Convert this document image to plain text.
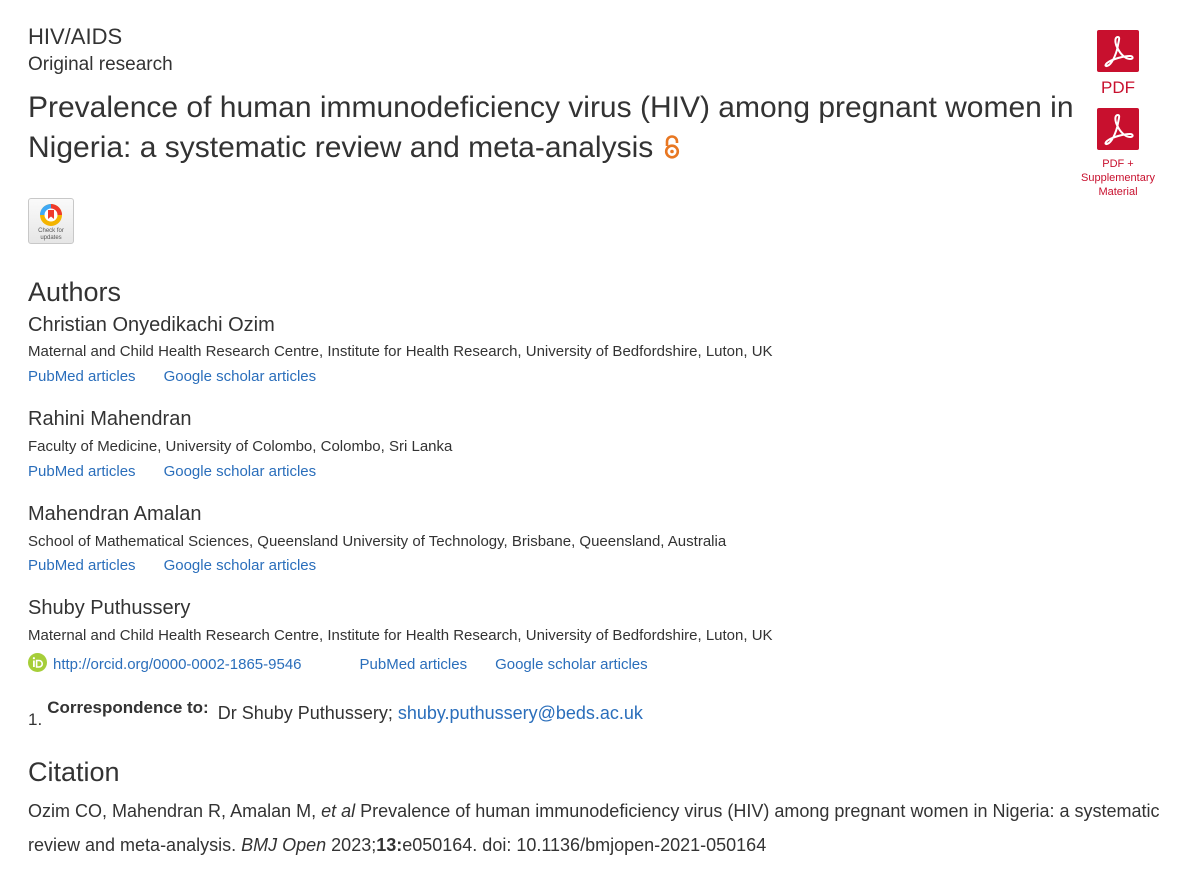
HIV/AIDS
Original research
Prevalence of human immunodeficiency virus (HIV) among pregnant women in Nigeria: a systematic review and meta-analysis
Check for updates
PDF
PDF +
Supplementary
Material
Authors
Christian Onyedikachi Ozim
Maternal and Child Health Research Centre, Institute for Health Research, University of Bedfordshire, Luton, UK
PubMed articles Google scholar articles
Rahini Mahendran
Faculty of Medicine, University of Colombo, Colombo, Sri Lanka
PubMed articles Google scholar articles
Mahendran Amalan
School of Mathematical Sciences, Queensland University of Technology, Brisbane, Queensland, Australia
PubMed articles Google scholar articles
Shuby Puthussery
Maternal and Child Health Research Centre, Institute for Health Research, University of Bedfordshire, Luton, UK
http://orcid.org/0000-0002-1865-9546	PubMed articles Google scholar articles
1. Correspondence to: Dr Shuby Puthussery; shuby.puthussery@beds.ac.uk
Citation
Ozim CO, Mahendran R, Amalan M, et al Prevalence of human immunodeficiency virus (HIV) among pregnant women in Nigeria: a systematic review and meta-analysis. BMJ Open 2023;13:e050164. doi: 10.1136/bmjopen-2021-050164
